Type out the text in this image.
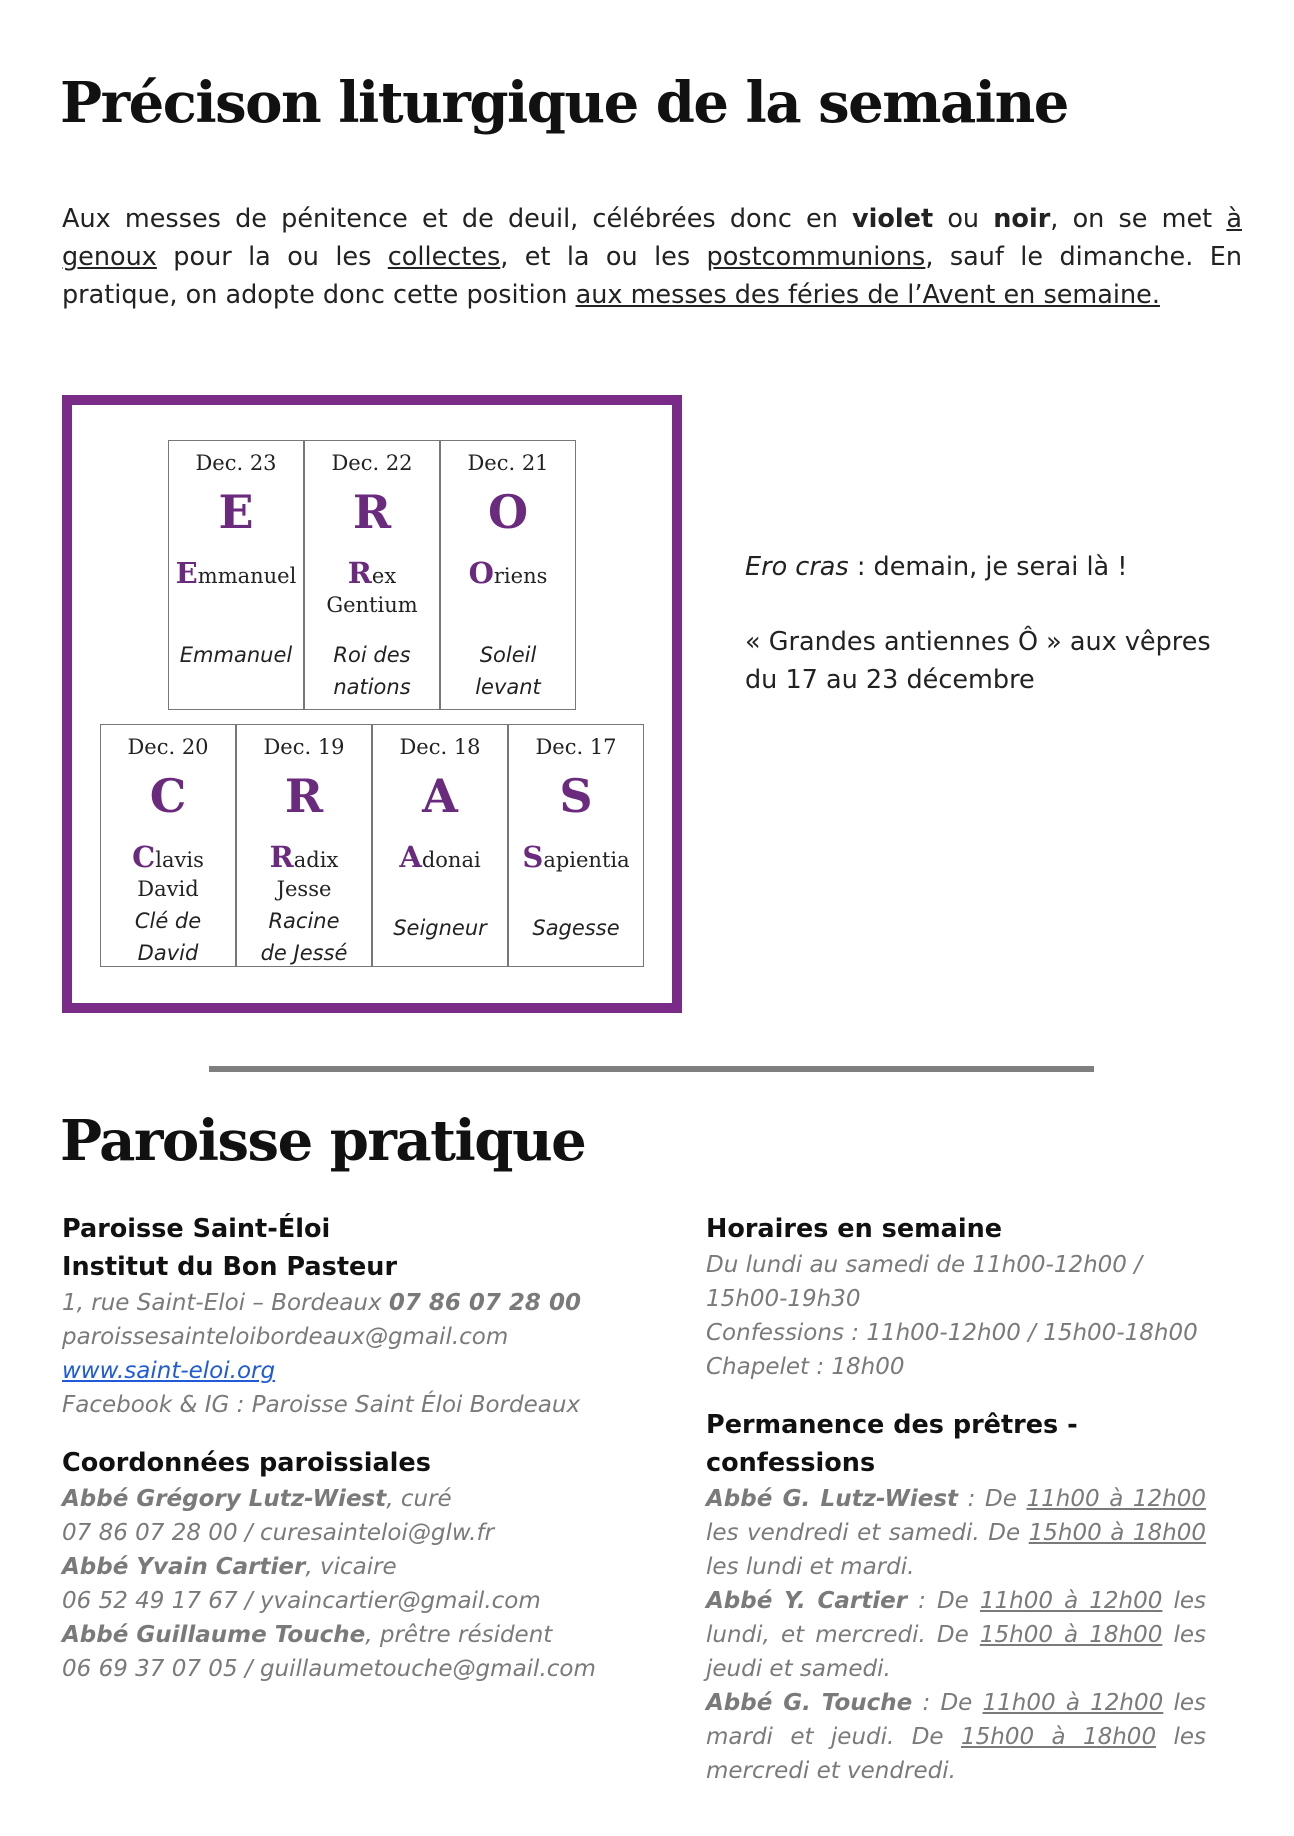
Précison liturgique de la semaine
Aux messes de pénitence et de deuil, célébrées donc en violet ou noir, on se met à genoux pour la ou les collectes, et la ou les postcommunions, sauf le dimanche. En pratique, on adopte donc cette position aux messes des féries de l’Avent en semaine.
Dec. 23
E
Emmanuel
Emmanuel
Dec. 22
R
Rex
Gentium
Roi des
nations
Dec. 21
O
Oriens
Soleil
levant
Dec. 20
C
Clavis
David
Clé de
David
Dec. 19
R
Radix
Jesse
Racine
de Jessé
Dec. 18
A
Adonai
Seigneur
Dec. 17
S
Sapientia
Sagesse
Ero cras : demain, je serai là !
« Grandes antiennes Ô » aux vêpres du 17 au 23 décembre
Paroisse pratique
Paroisse Saint-Éloi
Institut du Bon Pasteur
1, rue Saint-Eloi – Bordeaux 07 86 07 28 00
paroissesainteloibordeaux@gmail.com
www.saint-eloi.org
Facebook & IG : Paroisse Saint Éloi Bordeaux
Coordonnées paroissiales
Abbé Grégory Lutz-Wiest, curé
07 86 07 28 00 / curesainteloi@glw.fr
Abbé Yvain Cartier, vicaire
06 52 49 17 67 / yvaincartier@gmail.com
Abbé Guillaume Touche, prêtre résident
06 69 37 07 05 / guillaumetouche@gmail.com
Horaires en semaine
Du lundi au samedi de 11h00-12h00 / 15h00-19h30
Confessions : 11h00-12h00 / 15h00-18h00
Chapelet : 18h00
Permanence des prêtres - confessions
Abbé G. Lutz-Wiest : De 11h00 à 12h00 les vendredi et samedi. De 15h00 à 18h00 les lundi et mardi.
Abbé Y. Cartier : De 11h00 à 12h00 les lundi, et mercredi. De 15h00 à 18h00 les jeudi et samedi.
Abbé G. Touche : De 11h00 à 12h00 les mardi et jeudi. De 15h00 à 18h00 les mercredi et vendredi.
